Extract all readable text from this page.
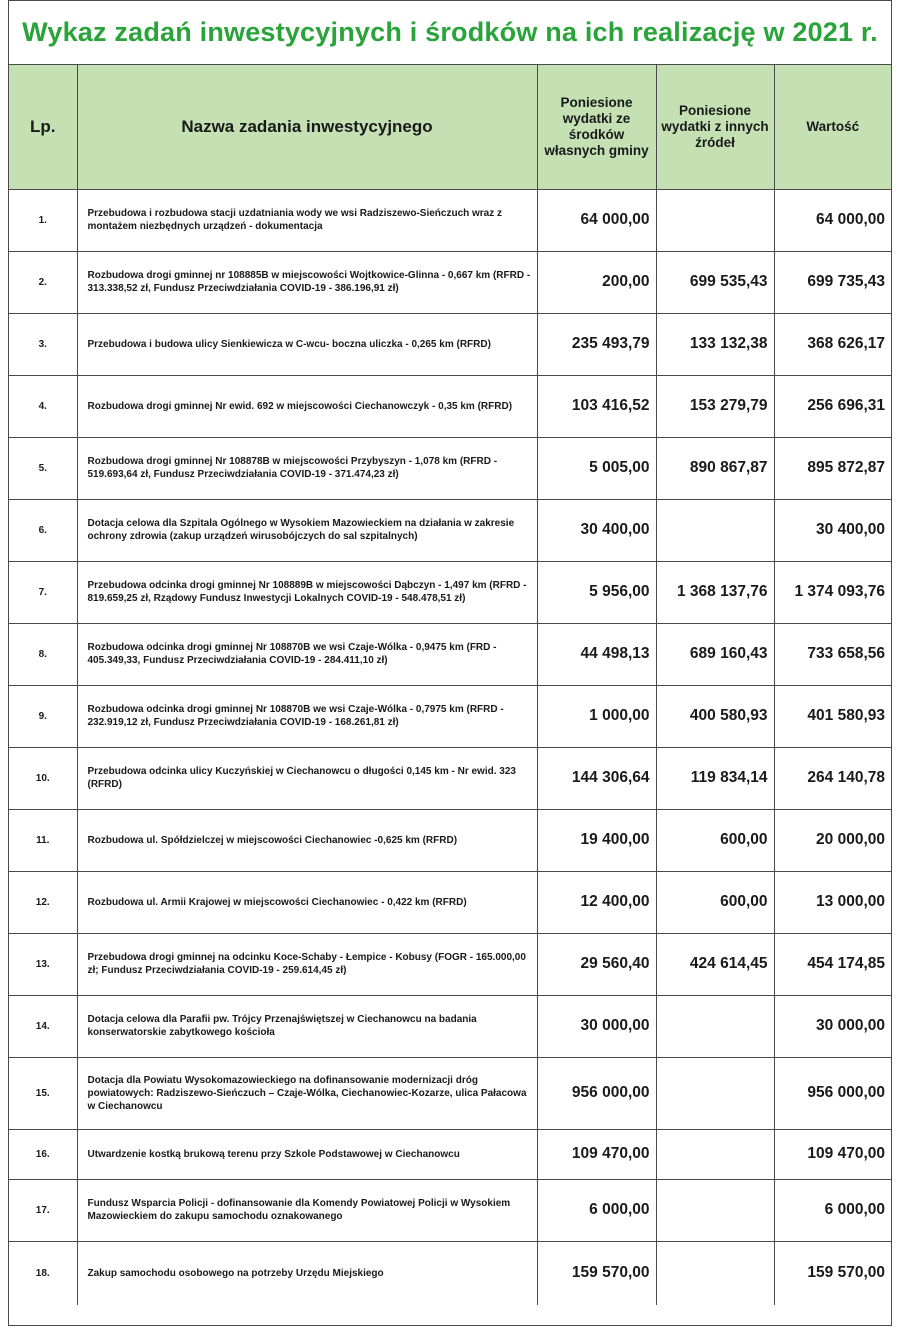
Wykaz zadań inwestycyjnych i środków na ich realizację w 2021 r.
Lp.	Nazwa zadania inwestycyjnego	Poniesione wydatki ze środków własnych gminy	Poniesione wydatki z innych źródeł	Wartość
1.	Przebudowa i rozbudowa stacji uzdatniania wody we wsi Radziszewo-Sieńczuch wraz z montażem niezbędnych urządzeń - dokumentacja	64 000,00		64 000,00
2.	Rozbudowa drogi gminnej nr 108885B w miejscowości Wojtkowice-Glinna - 0,667 km (RFRD - 313.338,52 zł, Fundusz Przeciwdziałania COVID-19 - 386.196,91 zł)	200,00	699 535,43	699 735,43
3.	Przebudowa i budowa ulicy Sienkiewicza w C-wcu- boczna uliczka - 0,265 km (RFRD)	235 493,79	133 132,38	368 626,17
4.	Rozbudowa drogi gminnej Nr ewid. 692 w miejscowości Ciechanowczyk - 0,35 km (RFRD)	103 416,52	153 279,79	256 696,31
5.	Rozbudowa drogi gminnej Nr 108878B w miejscowości Przybyszyn - 1,078 km (RFRD - 519.693,64 zł, Fundusz Przeciwdziałania COVID-19 - 371.474,23 zł)	5 005,00	890 867,87	895 872,87
6.	Dotacja celowa dla Szpitala Ogólnego w Wysokiem Mazowieckiem na działania w zakresie ochrony zdrowia (zakup urządzeń wirusobójczych do sal szpitalnych)	30 400,00		30 400,00
7.	Przebudowa odcinka drogi gminnej Nr 108889B w miejscowości Dąbczyn - 1,497 km (RFRD - 819.659,25 zł, Rządowy Fundusz Inwestycji Lokalnych COVID-19 - 548.478,51 zł)	5 956,00	1 368 137,76	1 374 093,76
8.	Rozbudowa odcinka drogi gminnej Nr 108870B we wsi Czaje-Wólka - 0,9475 km (FRD - 405.349,33, Fundusz Przeciwdziałania COVID-19 - 284.411,10 zł)	44 498,13	689 160,43	733 658,56
9.	Rozbudowa odcinka drogi gminnej Nr 108870B we wsi Czaje-Wólka - 0,7975 km (RFRD - 232.919,12 zł, Fundusz Przeciwdziałania COVID-19 - 168.261,81 zł)	1 000,00	400 580,93	401 580,93
10.	Przebudowa odcinka ulicy Kuczyńskiej w Ciechanowcu o długości 0,145 km - Nr ewid. 323 (RFRD)	144 306,64	119 834,14	264 140,78
11.	Rozbudowa ul. Spółdzielczej w miejscowości Ciechanowiec -0,625 km (RFRD)	19 400,00	600,00	20 000,00
12.	Rozbudowa ul. Armii Krajowej w miejscowości Ciechanowiec - 0,422 km (RFRD)	12 400,00	600,00	13 000,00
13.	Przebudowa drogi gminnej na odcinku Koce-Schaby - Łempice - Kobusy (FOGR - 165.000,00 zł; Fundusz Przeciwdziałania COVID-19 - 259.614,45 zł)	29 560,40	424 614,45	454 174,85
14.	Dotacja celowa dla Parafii pw. Trójcy Przenajświętszej w Ciechanowcu na badania konserwatorskie zabytkowego kościoła	30 000,00		30 000,00
15.	Dotacja dla Powiatu Wysokomazowieckiego na dofinansowanie modernizacji dróg powiatowych: Radziszewo-Sieńczuch – Czaje-Wólka, Ciechanowiec-Kozarze, ulica Pałacowa w Ciechanowcu	956 000,00		956 000,00
16.	Utwardzenie kostką brukową terenu przy Szkole Podstawowej w Ciechanowcu	109 470,00		109 470,00
17.	Fundusz Wsparcia Policji - dofinansowanie dla Komendy Powiatowej Policji w Wysokiem Mazowieckiem do zakupu samochodu oznakowanego	6 000,00		6 000,00
18.	Zakup samochodu osobowego na potrzeby Urzędu Miejskiego	159 570,00		159 570,00
